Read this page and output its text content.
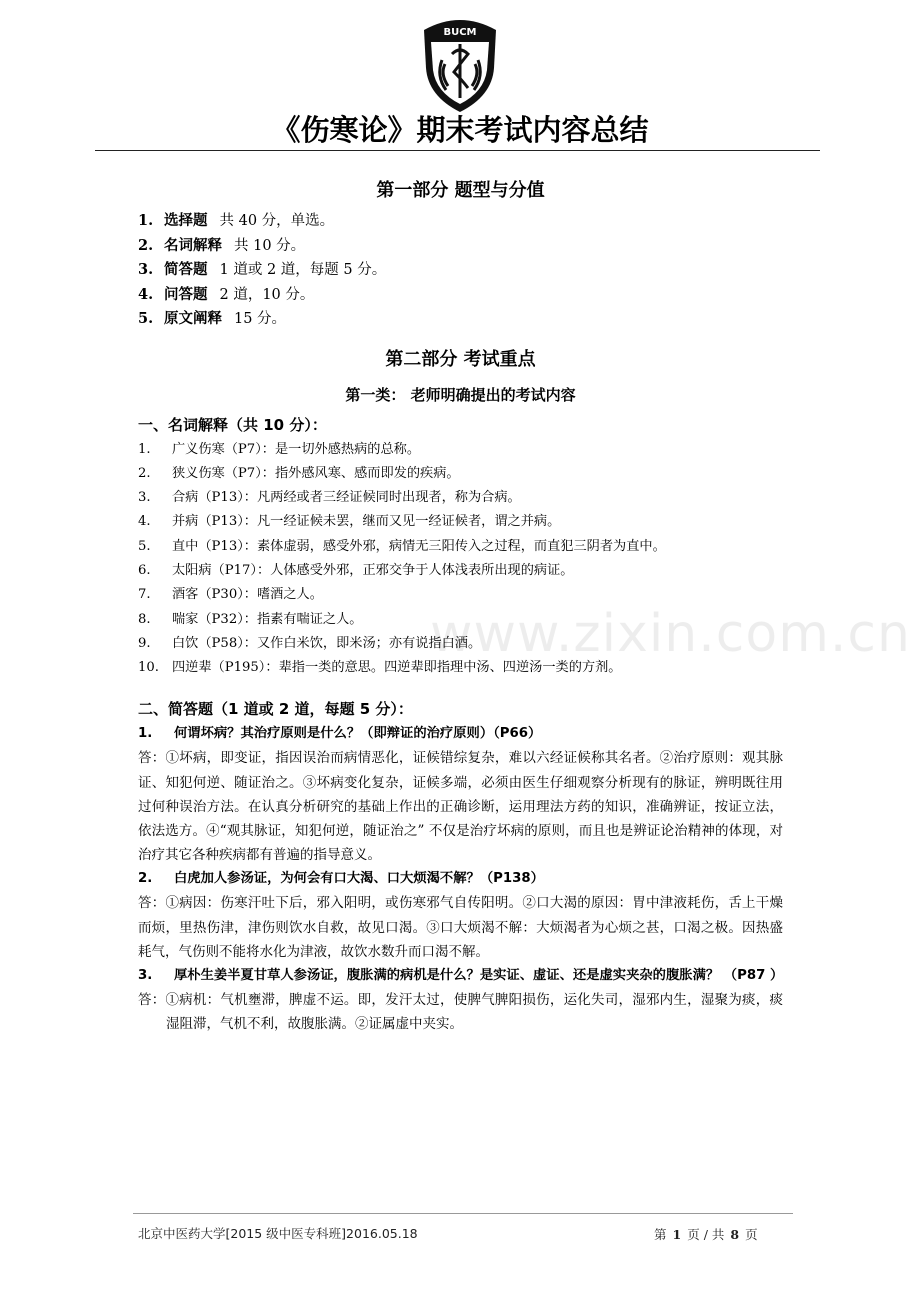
BUCM
《伤寒论》期末考试内容总结
www.zixin.com.cn
第一部分 题型与分值
1. 选择题 共 40 分，单选。
2. 名词解释 共 10 分。
3. 简答题 1 道或 2 道，每题 5 分。
4. 问答题 2 道，10 分。
5. 原文阐释 15 分。
第二部分 考试重点
第一类： 老师明确提出的考试内容
一、名词解释（共 10 分）：
1. 广义伤寒（P7）：是一切外感热病的总称。
2. 狭义伤寒（P7）：指外感风寒、感而即发的疾病。
3. 合病（P13）：凡两经或者三经证候同时出现者，称为合病。
4. 并病（P13）：凡一经证候未罢，继而又见一经证候者，谓之并病。
5. 直中（P13）：素体虚弱，感受外邪，病情无三阳传入之过程，而直犯三阴者为直中。
6. 太阳病（P17）：人体感受外邪，正邪交争于人体浅表所出现的病证。
7. 酒客（P30）：嗜酒之人。
8. 喘家（P32）：指素有喘证之人。
9. 白饮（P58）：又作白米饮，即米汤；亦有说指白酒。
10. 四逆辈（P195）：辈指一类的意思。四逆辈即指理中汤、四逆汤一类的方剂。
二、简答题（1 道或 2 道，每题 5 分）：
1.	何谓坏病？其治疗原则是什么？（即辩证的治疗原则）（P66）

答：①坏病，即变证，指因误治而病情恶化，证候错综复杂，难以六经证候称其名者。②治疗原则：观其脉证、知犯何逆、随证治之。③坏病变化复杂，证候多端，必须由医生仔细观察分析现有的脉证，辨明既往用过何种误治方法。在认真分析研究的基础上作出的正确诊断，运用理法方药的知识，准确辨证，按证立法，依法选方。④“观其脉证，知犯何逆，随证治之” 不仅是治疗坏病的原则，而且也是辨证论治精神的体现，对治疗其它各种疾病都有普遍的指导意义。

2.	白虎加人参汤证，为何会有口大渴、口大烦渴不解？（P138）

答：①病因：伤寒汗吐下后，邪入阳明，或伤寒邪气自传阳明。②口大渴的原因：胃中津液耗伤，舌上干燥而烦，里热伤津，津伤则饮水自救，故见口渴。③口大烦渴不解：大烦渴者为心烦之甚，口渴之极。因热盛耗气，气伤则不能将水化为津液，故饮水数升而口渴不解。

3.	厚朴生姜半夏甘草人参汤证，腹胀满的病机是什么？是实证、虚证、还是虚实夹杂的腹胀满？ （P87 ）

答：①病机：气机壅滞，脾虚不运。即，发汗太过，使脾气脾阳损伤，运化失司，湿邪内生，湿聚为痰，痰湿阻滞，气机不利，故腹胀满。②证属虚中夹实。

北京中医药大学[2015 级中医专科班]2016.05.18	第 1 页 / 共 8 页
